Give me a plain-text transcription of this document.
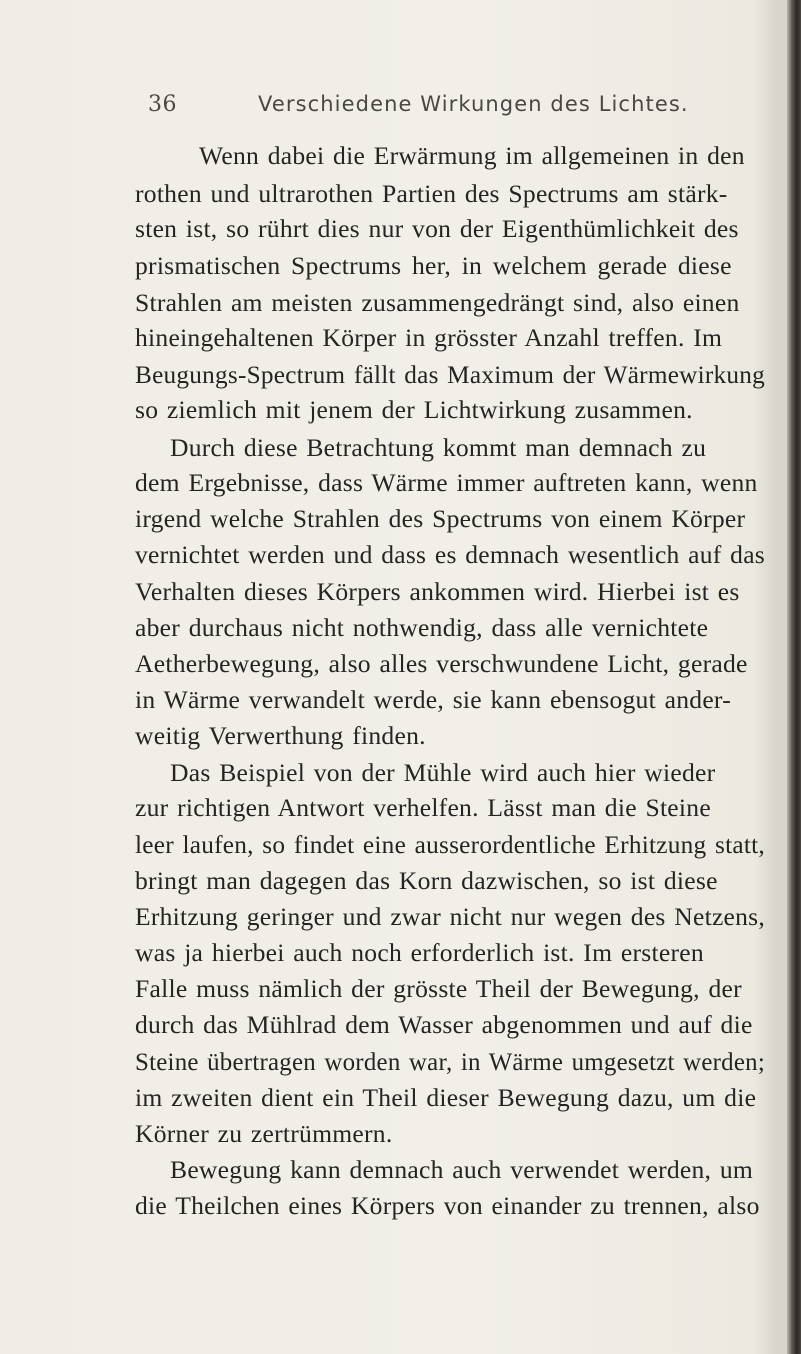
36	Verschiedene Wirkungen des Lichtes.
Wenn dabei die Erwärmung im allgemeinen in den
rothen und ultrarothen Partien des Spectrums am stärk-
sten ist, so rührt dies nur von der Eigenthümlichkeit des
prismatischen Spectrums her, in welchem gerade diese
Strahlen am meisten zusammengedrängt sind, also einen
hineingehaltenen Körper in grösster Anzahl treffen. Im
Beugungs-Spectrum fällt das Maximum der Wärmewirkung
so ziemlich mit jenem der Lichtwirkung zusammen.
Durch diese Betrachtung kommt man demnach zu
dem Ergebnisse, dass Wärme immer auftreten kann, wenn
irgend welche Strahlen des Spectrums von einem Körper
vernichtet werden und dass es demnach wesentlich auf das
Verhalten dieses Körpers ankommen wird. Hierbei ist es
aber durchaus nicht nothwendig, dass alle vernichtete
Aetherbewegung, also alles verschwundene Licht, gerade
in Wärme verwandelt werde, sie kann ebensogut ander-
weitig Verwerthung finden.
Das Beispiel von der Mühle wird auch hier wieder
zur richtigen Antwort verhelfen. Lässt man die Steine
leer laufen, so findet eine ausserordentliche Erhitzung statt,
bringt man dagegen das Korn dazwischen, so ist diese
Erhitzung geringer und zwar nicht nur wegen des Netzens,
was ja hierbei auch noch erforderlich ist. Im ersteren
Falle muss nämlich der grösste Theil der Bewegung, der
durch das Mühlrad dem Wasser abgenommen und auf die
Steine übertragen worden war, in Wärme umgesetzt werden;
im zweiten dient ein Theil dieser Bewegung dazu, um die
Körner zu zertrümmern.
Bewegung kann demnach auch verwendet werden, um
die Theilchen eines Körpers von einander zu trennen, also
